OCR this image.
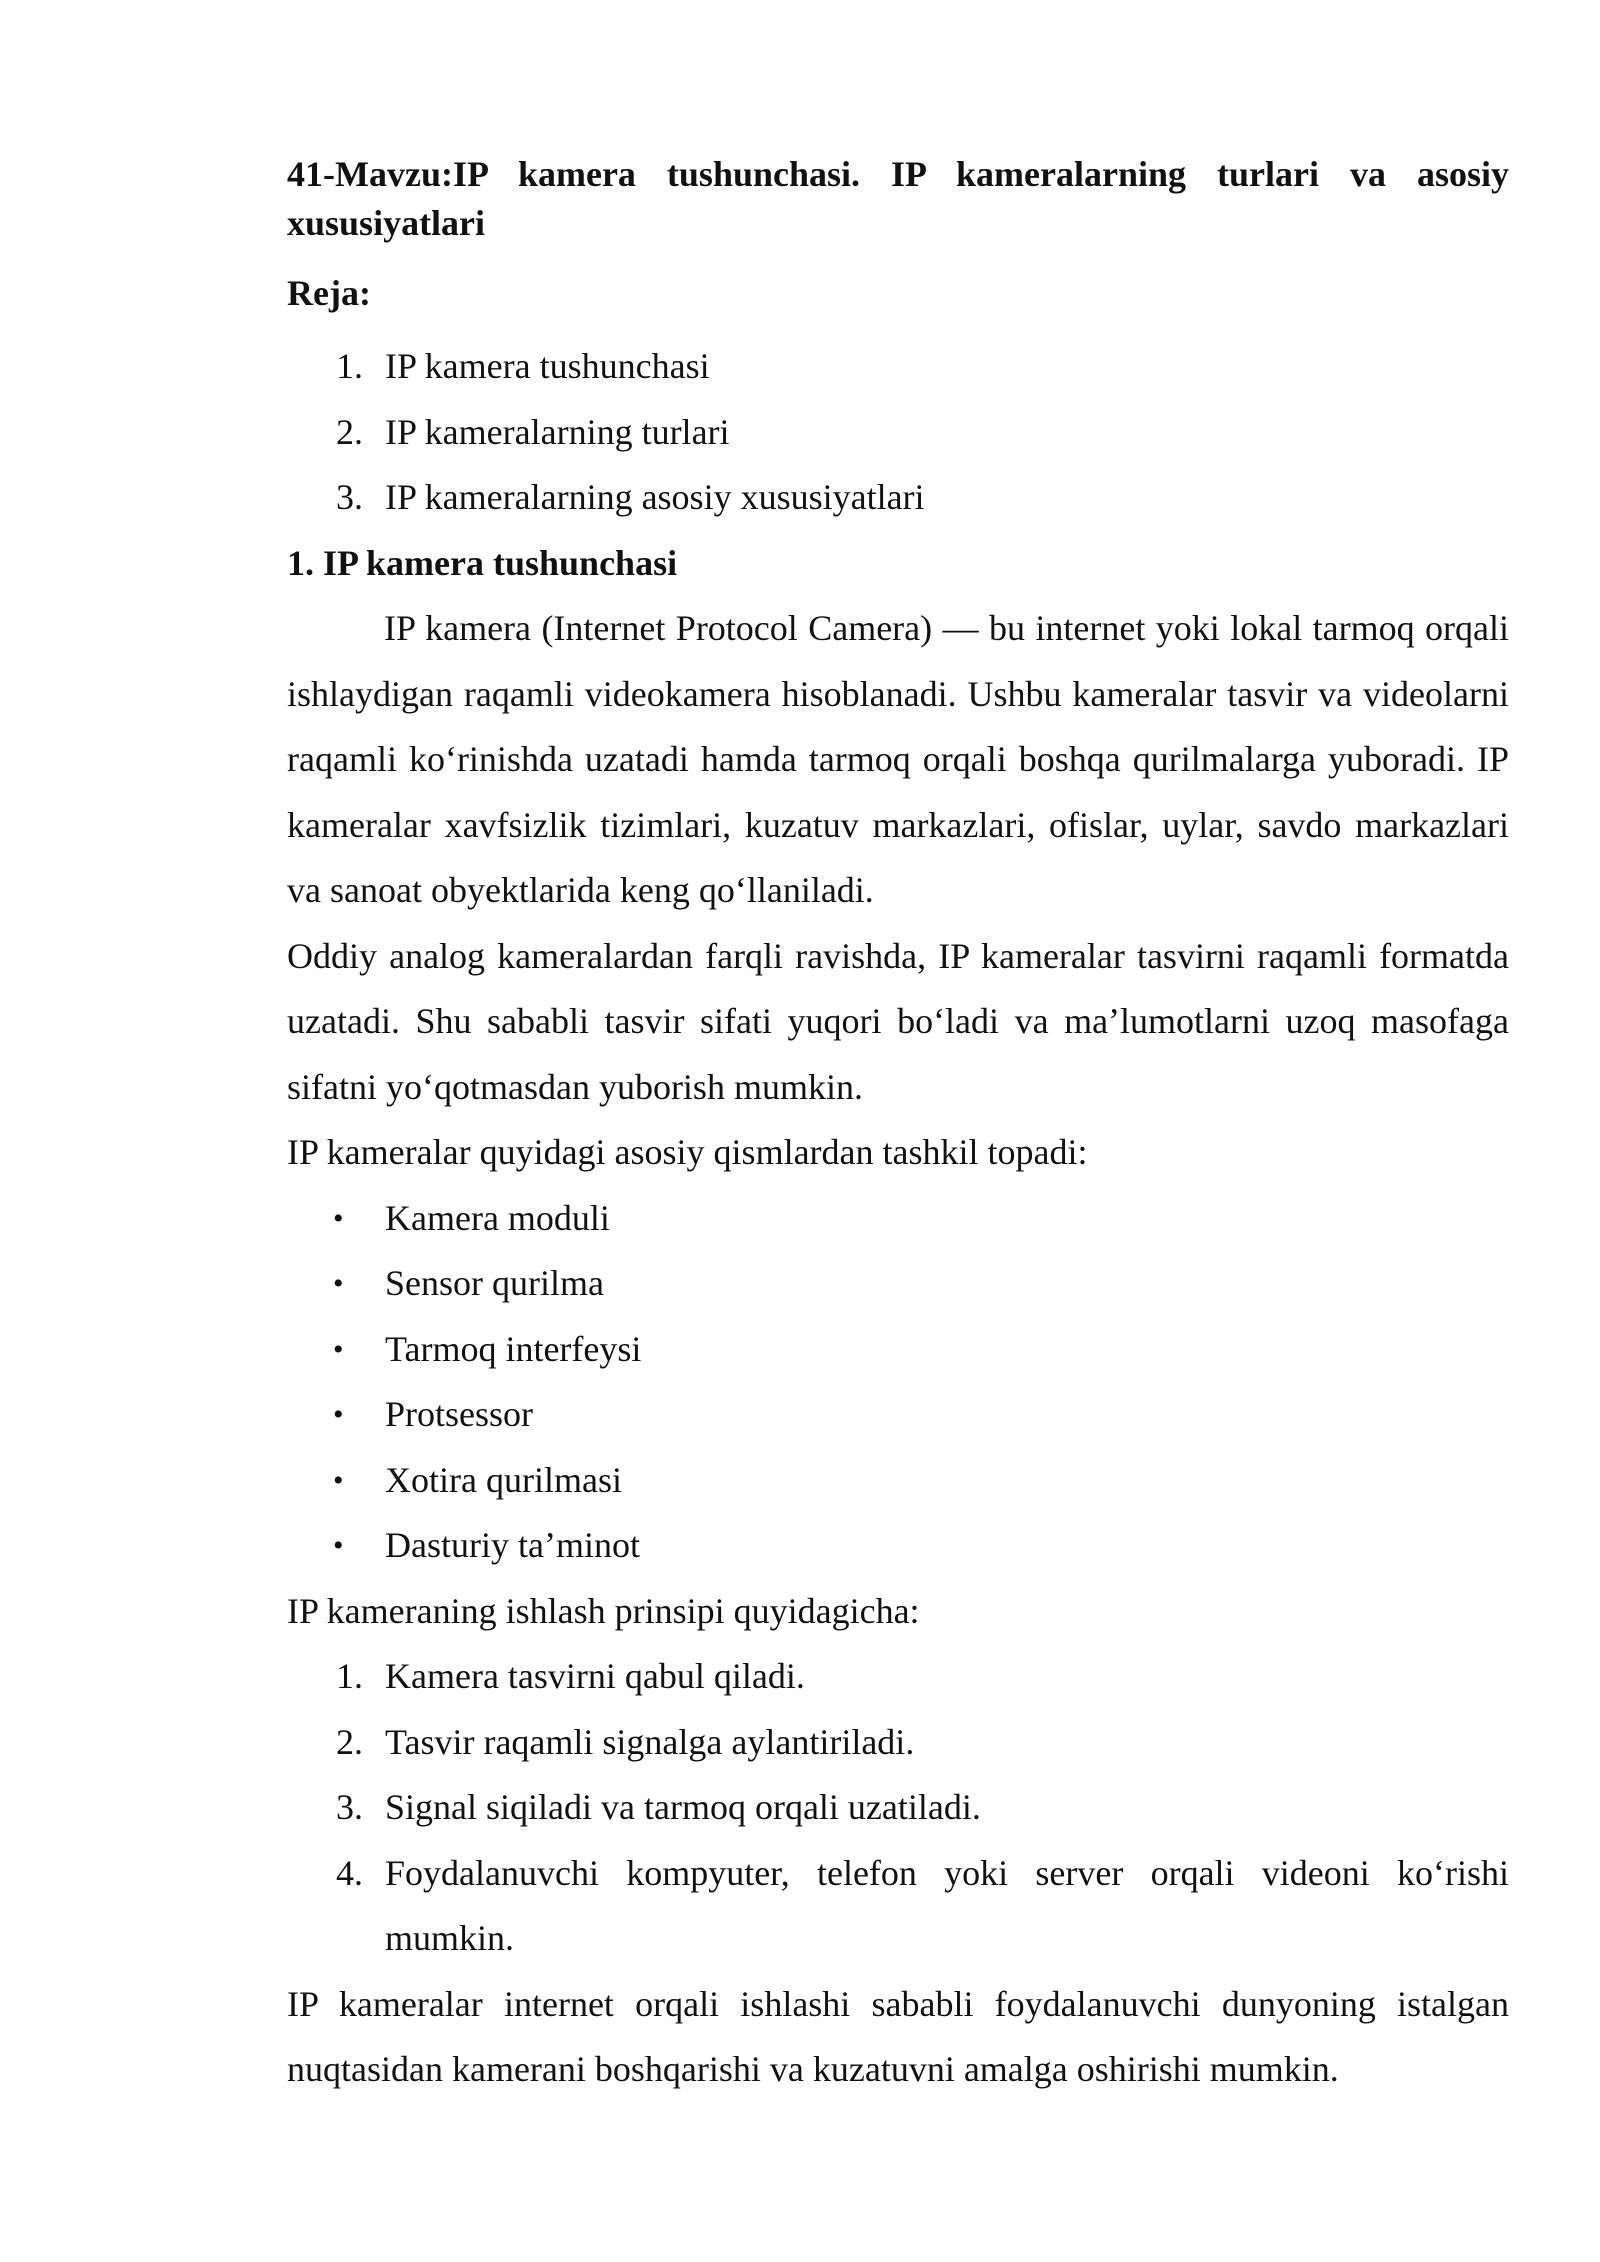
41-Mavzu:IP kamera tushunchasi. IP kameralarning turlari va asosiy xususiyatlari

Reja:

1. IP kamera tushunchasi
2. IP kameralarning turlari
3. IP kameralarning asosiy xususiyatlari

1. IP kamera tushunchasi

IP kamera (Internet Protocol Camera) — bu internet yoki lokal tarmoq orqali ishlaydigan raqamli videokamera hisoblanadi. Ushbu kameralar tasvir va videolarni raqamli koʻrinishda uzatadi hamda tarmoq orqali boshqa qurilmalarga yuboradi. IP kameralar xavfsizlik tizimlari, kuzatuv markazlari, ofislar, uylar, savdo markazlari va sanoat obyektlarida keng qoʻllaniladi.

Oddiy analog kameralardan farqli ravishda, IP kameralar tasvirni raqamli formatda uzatadi. Shu sababli tasvir sifati yuqori boʻladi va maʼlumotlarni uzoq masofaga sifatni yoʻqotmasdan yuborish mumkin.

IP kameralar quyidagi asosiy qismlardan tashkil topadi:

• Kamera moduli
• Sensor qurilma
• Tarmoq interfeysi
• Protsessor
• Xotira qurilmasi
• Dasturiy taʼminot

IP kameraning ishlash prinsipi quyidagicha:

1. Kamera tasvirni qabul qiladi.
2. Tasvir raqamli signalga aylantiriladi.
3. Signal siqiladi va tarmoq orqali uzatiladi.
4. Foydalanuvchi kompyuter, telefon yoki server orqali videoni koʻrishi mumkin.

IP kameralar internet orqali ishlashi sababli foydalanuvchi dunyoning istalgan nuqtasidan kamerani boshqarishi va kuzatuvni amalga oshirishi mumkin.
